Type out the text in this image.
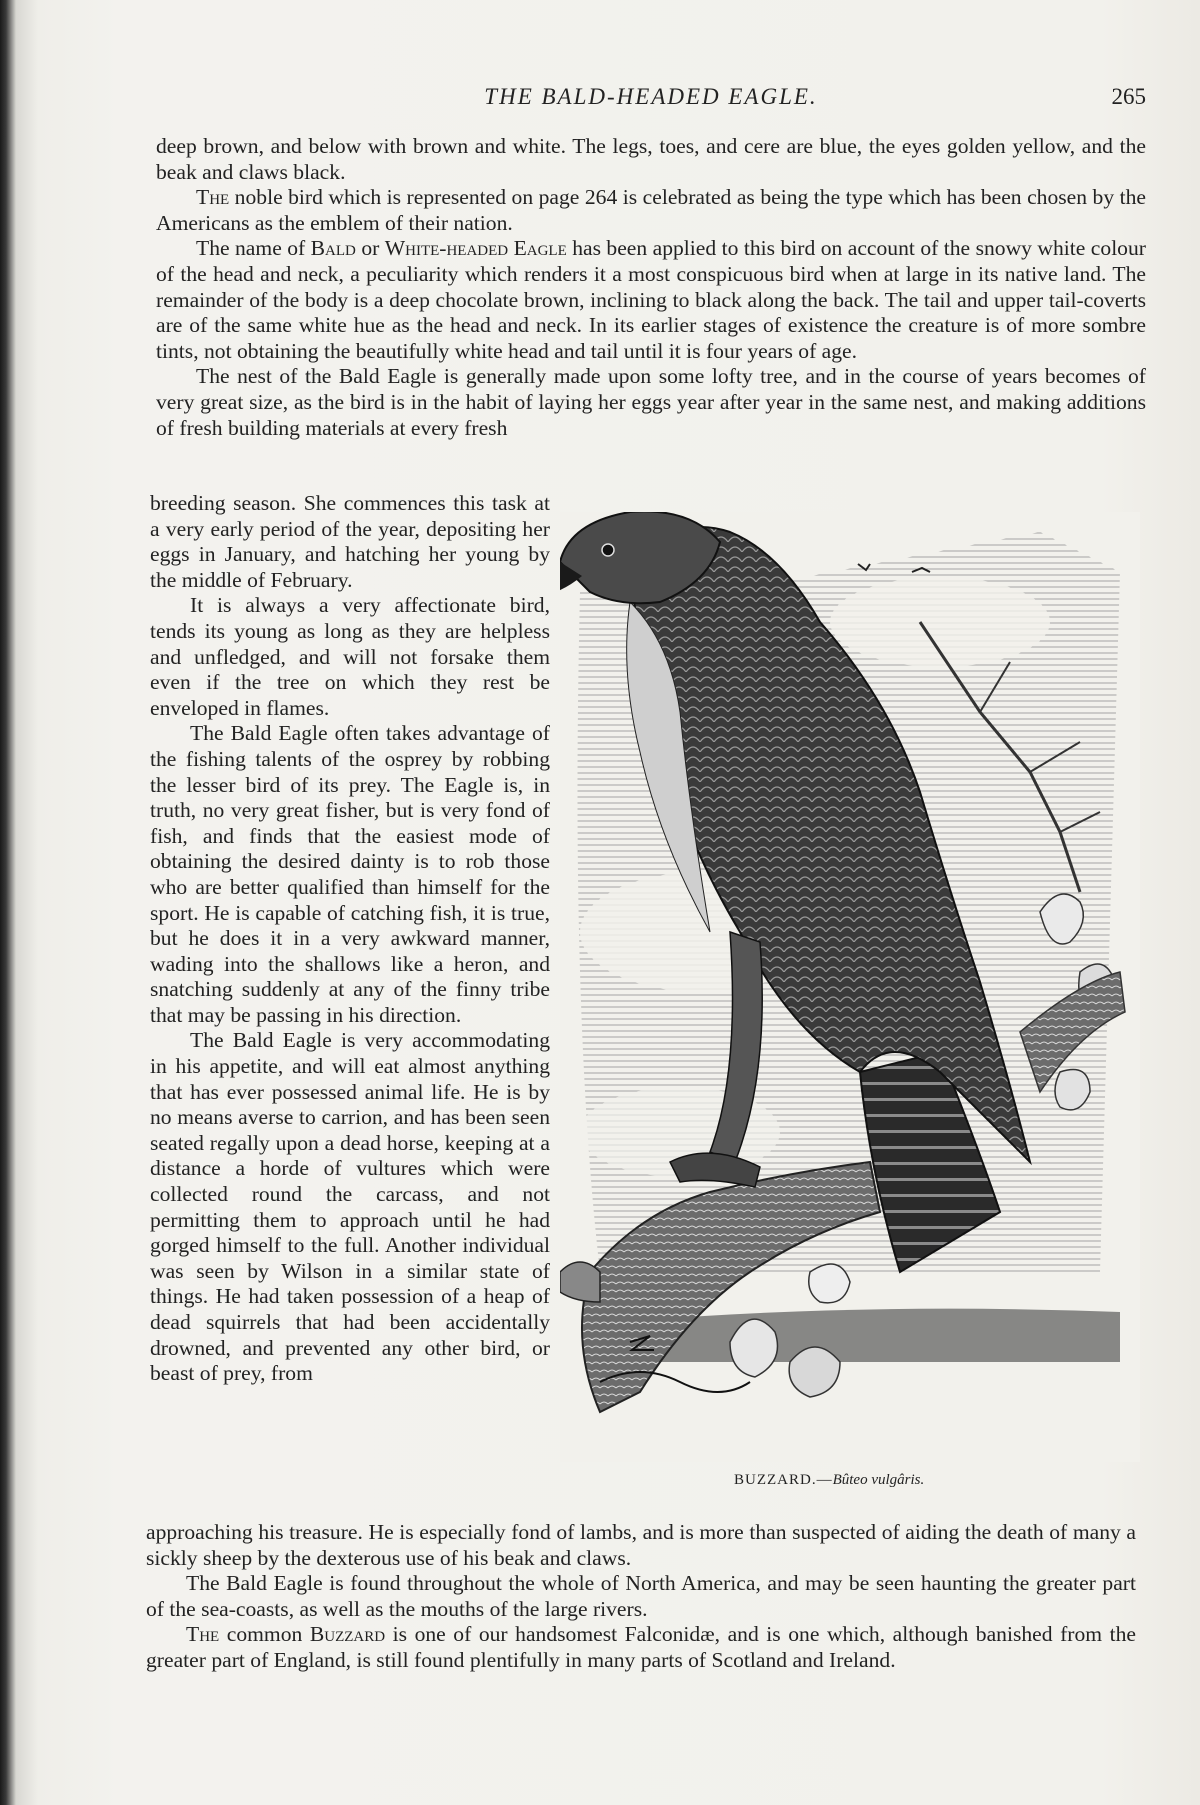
THE BALD-HEADED EAGLE.	265

deep brown, and below with brown and white. The legs, toes, and cere are blue, the eyes golden yellow, and the beak and claws black.

The noble bird which is represented on page 264 is celebrated as being the type which has been chosen by the Americans as the emblem of their nation.

The name of Bald or White-headed Eagle has been applied to this bird on account of the snowy white colour of the head and neck, a peculiarity which renders it a most conspicuous bird when at large in its native land. The remainder of the body is a deep chocolate brown, inclining to black along the back. The tail and upper tail-coverts are of the same white hue as the head and neck. In its earlier stages of existence the creature is of more sombre tints, not obtaining the beautifully white head and tail until it is four years of age.

The nest of the Bald Eagle is generally made upon some lofty tree, and in the course of years becomes of very great size, as the bird is in the habit of laying her eggs year after year in the same nest, and making additions of fresh building materials at every fresh

breeding season. She commences this task at a very early period of the year, depositing her eggs in January, and hatching her young by the middle of February.

It is always a very affectionate bird, tends its young as long as they are helpless and unfledged, and will not forsake them even if the tree on which they rest be enveloped in flames.

The Bald Eagle often takes advantage of the fishing talents of the osprey by robbing the lesser bird of its prey. The Eagle is, in truth, no very great fisher, but is very fond of fish, and finds that the easiest mode of obtaining the desired dainty is to rob those who are better qualified than himself for the sport. He is capable of catching fish, it is true, but he does it in a very awkward manner, wading into the shallows like a heron, and snatching suddenly at any of the finny tribe that may be passing in his direction.

The Bald Eagle is very accommodating in his appetite, and will eat almost anything that has ever possessed animal life. He is by no means averse to carrion, and has been seen seated regally upon a dead horse, keeping at a distance a horde of vultures which were collected round the carcass, and not permitting them to approach until he had gorged himself to the full. Another individual was seen by Wilson in a similar state of things. He had taken possession of a heap of dead squirrels that had been accidentally drowned, and prevented any other bird, or beast of prey, from

BUZZARD.—Bûteo vulgâris.

approaching his treasure. He is especially fond of lambs, and is more than suspected of aiding the death of many a sickly sheep by the dexterous use of his beak and claws.

The Bald Eagle is found throughout the whole of North America, and may be seen haunting the greater part of the sea-coasts, as well as the mouths of the large rivers.

The common Buzzard is one of our handsomest Falconidæ, and is one which, although banished from the greater part of England, is still found plentifully in many parts of Scotland and Ireland.
